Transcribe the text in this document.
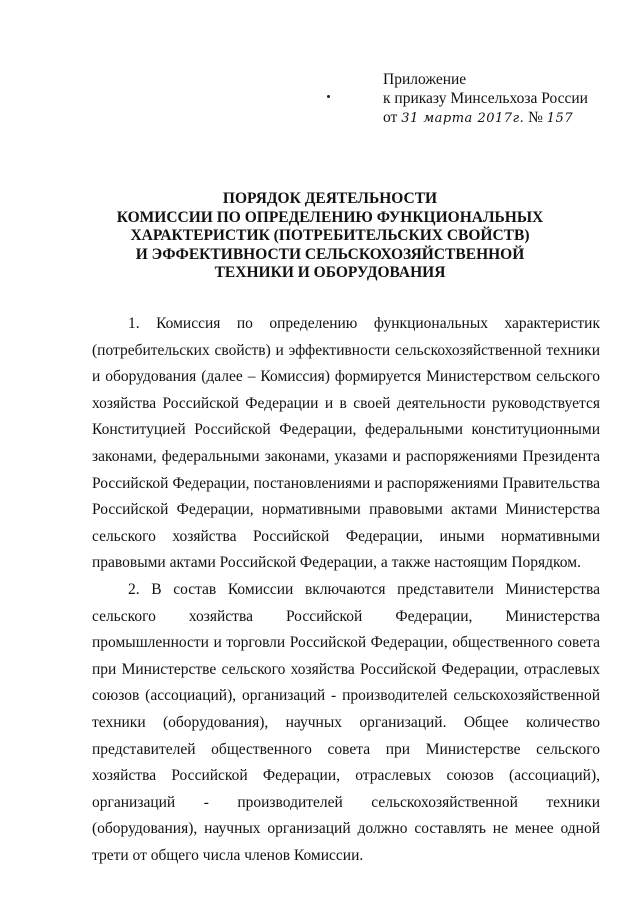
Приложение
к приказу Минсельхоза России
от 31 марта 2017г. № 157
ПОРЯДОК ДЕЯТЕЛЬНОСТИ
КОМИССИИ ПО ОПРЕДЕЛЕНИЮ ФУНКЦИОНАЛЬНЫХ
ХАРАКТЕРИСТИК (ПОТРЕБИТЕЛЬСКИХ СВОЙСТВ)
И ЭФФЕКТИВНОСТИ СЕЛЬСКОХОЗЯЙСТВЕННОЙ
ТЕХНИКИ И ОБОРУДОВАНИЯ

1. Комиссия по определению функциональных характеристик (потребительских свойств) и эффективности сельскохозяйственной техники и оборудования (далее – Комиссия) формируется Министерством сельского хозяйства Российской Федерации и в своей деятельности руководствуется Конституцией Российской Федерации, федеральными конституционными законами, федеральными законами, указами и распоряжениями Президента Российской Федерации, постановлениями и распоряжениями Правительства Российской Федерации, нормативными правовыми актами Министерства сельского хозяйства Российской Федерации, иными нормативными правовыми актами Российской Федерации, а также настоящим Порядком.

2. В состав Комиссии включаются представители Министерства сельского хозяйства Российской Федерации, Министерства промышленности и торговли Российской Федерации, общественного совета при Министерстве сельского хозяйства Российской Федерации, отраслевых союзов (ассоциаций), организаций - производителей сельскохозяйственной техники (оборудования), научных организаций. Общее количество представителей общественного совета при Министерстве сельского хозяйства Российской Федерации, отраслевых союзов (ассоциаций), организаций - производителей сельскохозяйственной техники (оборудования), научных организаций должно составлять не менее одной трети от общего числа членов Комиссии.
